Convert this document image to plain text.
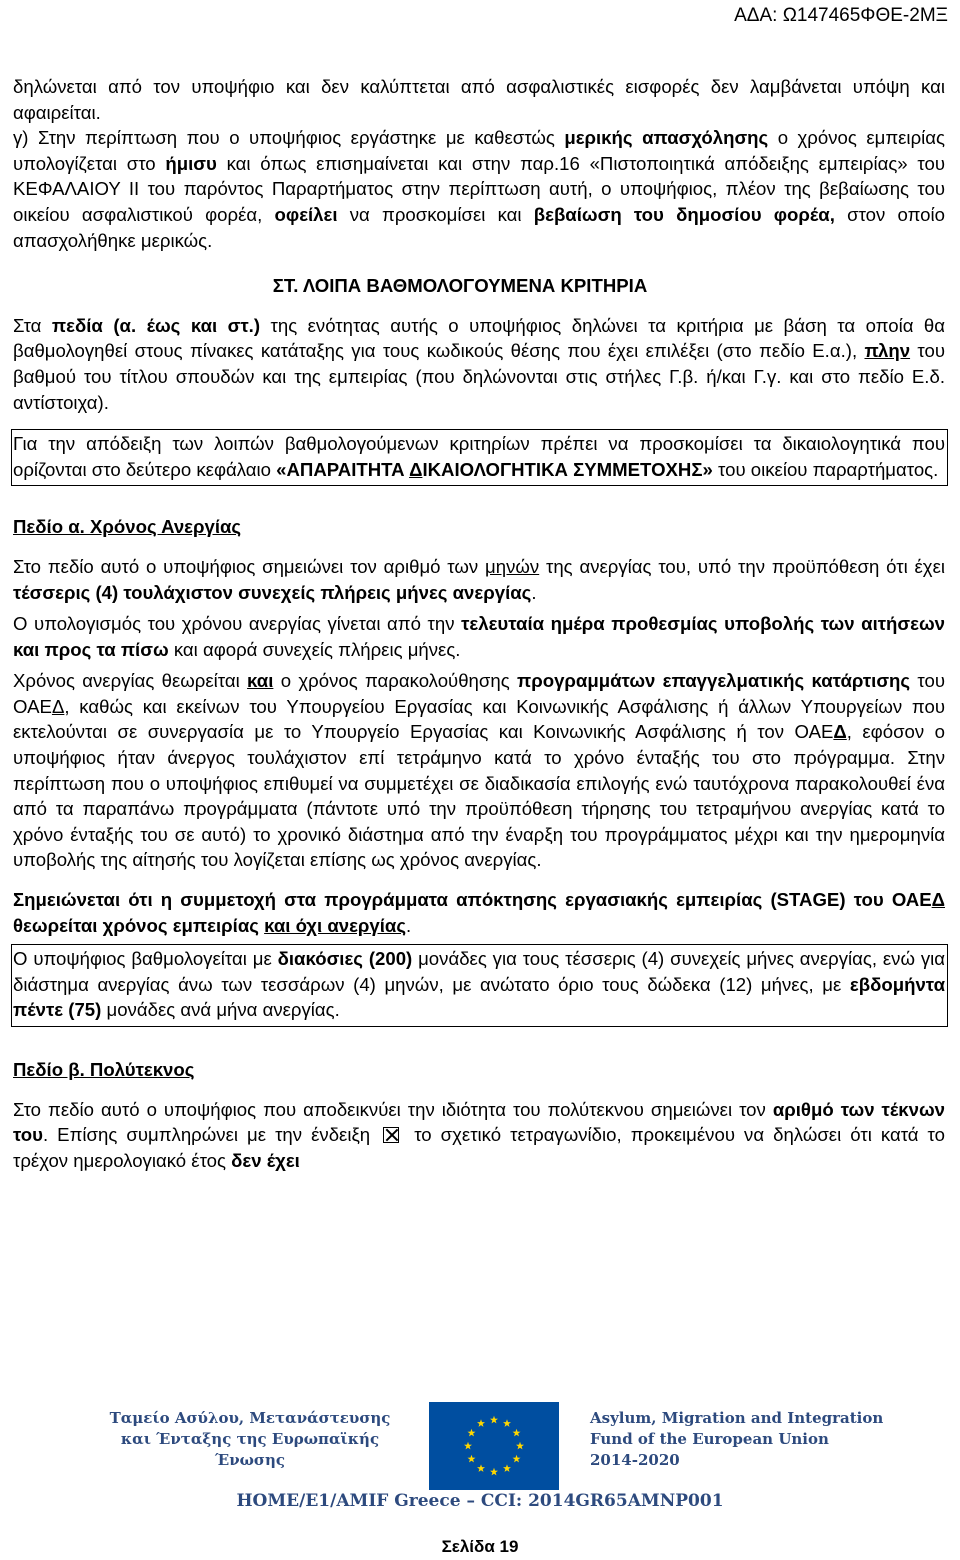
ΑΔΑ: Ω147465ΦΘΕ-2ΜΞ

δηλώνεται από τον υποψήφιο και δεν καλύπτεται από ασφαλιστικές εισφορές δεν λαμβάνεται υπόψη και αφαιρείται.

γ) Στην περίπτωση που ο υποψήφιος εργάστηκε με καθεστώς μερικής απασχόλησης ο χρόνος εμπειρίας υπολογίζεται στο ήμισυ και όπως επισημαίνεται και στην παρ.16 «Πιστοποιητικά απόδειξης εμπειρίας» του ΚΕΦΑΛΑΙΟΥ ΙΙ του παρόντος Παραρτήματος στην περίπτωση αυτή, ο υποψήφιος, πλέον της βεβαίωσης του οικείου ασφαλιστικού φορέα, οφείλει να προσκομίσει και βεβαίωση του δημοσίου φορέα, στον οποίο απασχολήθηκε μερικώς.

ΣΤ. ΛΟΙΠΑ ΒΑΘΜΟΛΟΓΟΥΜΕΝΑ ΚΡΙΤΗΡΙΑ

Στα πεδία (α. έως και στ.) της ενότητας αυτής ο υποψήφιος δηλώνει τα κριτήρια με βάση τα οποία θα βαθμολογηθεί στους πίνακες κατάταξης για τους κωδικούς θέσης που έχει επιλέξει (στο πεδίο Ε.α.), πλην του βαθμού του τίτλου σπουδών και της εμπειρίας (που δηλώνονται στις στήλες Γ.β. ή/και Γ.γ. και στο πεδίο Ε.δ. αντίστοιχα).

Για την απόδειξη των λοιπών βαθμολογούμενων κριτηρίων πρέπει να προσκομίσει τα δικαιολογητικά που ορίζονται στο δεύτερο κεφάλαιο «ΑΠΑΡΑΙΤΗΤΑ ΔΙΚΑΙΟΛΟΓΗΤΙΚΑ ΣΥΜΜΕΤΟΧΗΣ» του οικείου παραρτήματος.
Πεδίο α. Χρόνος Ανεργίας

Στο πεδίο αυτό ο υποψήφιος σημειώνει τον αριθμό των μηνών της ανεργίας του, υπό την προϋπόθεση ότι έχει τέσσερις (4) τουλάχιστον συνεχείς πλήρεις μήνες ανεργίας.

Ο υπολογισμός του χρόνου ανεργίας γίνεται από την τελευταία ημέρα προθεσμίας υποβολής των αιτήσεων και προς τα πίσω και αφορά συνεχείς πλήρεις μήνες.

Χρόνος ανεργίας θεωρείται και ο χρόνος παρακολούθησης προγραμμάτων επαγγελματικής κατάρτισης του ΟΑΕΔ, καθώς και εκείνων του Υπουργείου Εργασίας και Κοινωνικής Ασφάλισης ή άλλων Υπουργείων που εκτελούνται σε συνεργασία με το Υπουργείο Εργασίας και Κοινωνικής Ασφάλισης ή τον ΟΑΕΔ, εφόσον ο υποψήφιος ήταν άνεργος τουλάχιστον επί τετράμηνο κατά το χρόνο ένταξής του στο πρόγραμμα. Στην περίπτωση που ο υποψήφιος επιθυμεί να συμμετέχει σε διαδικασία επιλογής ενώ ταυτόχρονα παρακολουθεί ένα από τα παραπάνω προγράμματα (πάντοτε υπό την προϋπόθεση τήρησης του τετραμήνου ανεργίας κατά το χρόνο ένταξής του σε αυτό) το χρονικό διάστημα από την έναρξη του προγράμματος μέχρι και την ημερομηνία υποβολής της αίτησής του λογίζεται επίσης ως χρόνος ανεργίας.

Σημειώνεται ότι η συμμετοχή στα προγράμματα απόκτησης εργασιακής εμπειρίας (STAGE) του ΟΑΕΔ θεωρείται χρόνος εμπειρίας και όχι ανεργίας.

Ο υποψήφιος βαθμολογείται με διακόσιες (200) μονάδες για τους τέσσερις (4) συνεχείς μήνες ανεργίας, ενώ για διάστημα ανεργίας άνω των τεσσάρων (4) μηνών, με ανώτατο όριο τους δώδεκα (12) μήνες, με εβδομήντα πέντε (75) μονάδες ανά μήνα ανεργίας.
Πεδίο β. Πολύτεκνος

Στο πεδίο αυτό ο υποψήφιος που αποδεικνύει την ιδιότητα του πολύτεκνου σημειώνει τον αριθμό των τέκνων του. Επίσης συμπληρώνει με την ένδειξη  το σχετικό τετραγωνίδιο, προκειμένου να δηλώσει ότι κατά το τρέχον ημερολογιακό έτος δεν έχει

Ταμείο Ασύλου, Μετανάστευσης
και Ένταξης της Ευρωπαϊκής
Ένωσης
Asylum, Migration and Integration
Fund of the European Union
2014-2020
HOME/E1/AMIF Greece – CCI: 2014GR65AMNP001
Σελίδα 19
